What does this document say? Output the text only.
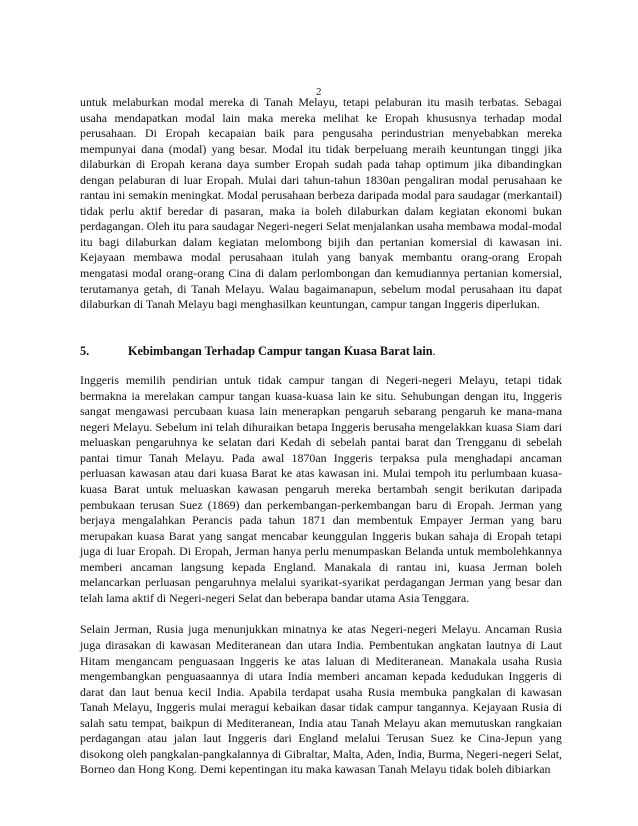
2

untuk melaburkan modal mereka di Tanah Melayu, tetapi pelaburan itu masih terbatas. Sebagai usaha mendapatkan modal lain maka mereka melihat ke Eropah khususnya terhadap modal perusahaan. Di Eropah kecapaian baik para pengusaha perindustrian menyebabkan mereka mempunyai dana (modal) yang besar. Modal itu tidak berpeluang meraih keuntungan tinggi jika dilaburkan di Eropah kerana daya sumber Eropah sudah pada tahap optimum jika dibandingkan dengan pelaburan di luar Eropah. Mulai dari tahun-tahun 1830an pengaliran modal perusahaan ke rantau ini semakin meningkat. Modal perusahaan berbeza daripada modal para saudagar (merkantail) tidak perlu aktif beredar di pasaran, maka ia boleh dilaburkan dalam kegiatan ekonomi bukan perdagangan. Oleh itu para saudagar Negeri-negeri Selat menjalankan usaha membawa modal-modal itu bagi dilaburkan dalam kegiatan melombong bijih dan pertanian komersial di kawasan ini. Kejayaan membawa modal perusahaan itulah yang banyak membantu orang-orang Eropah mengatasi modal orang-orang Cina di dalam perlombongan dan kemudiannya pertanian komersial, terutamanya getah, di Tanah Melayu. Walau bagaimanapun, sebelum modal perusahaan itu dapat dilaburkan di Tanah Melayu bagi menghasilkan keuntungan, campur tangan Inggeris diperlukan.

5.	Kebimbangan Terhadap Campur tangan Kuasa Barat lain.

Inggeris memilih pendirian untuk tidak campur tangan di Negeri-negeri Melayu, tetapi tidak bermakna ia merelakan campur tangan kuasa-kuasa lain ke situ. Sehubungan dengan itu, Inggeris sangat mengawasi percubaan kuasa lain menerapkan pengaruh sebarang pengaruh ke mana-mana negeri Melayu. Sebelum ini telah dihuraikan betapa Inggeris berusaha mengelakkan kuasa Siam dari meluaskan pengaruhnya ke selatan dari Kedah di sebelah pantai barat dan Trengganu di sebelah pantai timur Tanah Melayu. Pada awal 1870an Inggeris terpaksa pula menghadapi ancaman perluasan kawasan atau dari kuasa Barat ke atas kawasan ini. Mulai tempoh itu perlumbaan kuasa-kuasa Barat untuk meluaskan kawasan pengaruh mereka bertambah sengit berikutan daripada pembukaan terusan Suez (1869) dan perkembangan-perkembangan baru di Eropah. Jerman yang berjaya mengalahkan Perancis pada tahun 1871 dan membentuk Empayer Jerman yang baru merupakan kuasa Barat yang sangat mencabar keunggulan Inggeris bukan sahaja di Eropah tetapi juga di luar Eropah. Di Eropah, Jerman hanya perlu menumpaskan Belanda untuk membolehkannya memberi ancaman langsung kepada England. Manakala di rantau ini, kuasa Jerman boleh melancarkan perluasan pengaruhnya melalui syarikat-syarikat perdagangan Jerman yang besar dan telah lama aktif di Negeri-negeri Selat dan beberapa bandar utama Asia Tenggara.

Selain Jerman, Rusia juga menunjukkan minatnya ke atas Negeri-negeri Melayu. Ancaman Rusia juga dirasakan di kawasan Mediteranean dan utara India. Pembentukan angkatan lautnya di Laut Hitam mengancam penguasaan Inggeris ke atas laluan di Mediteranean. Manakala usaha Rusia mengembangkan penguasaannya di utara India memberi ancaman kepada kedudukan Inggeris di darat dan laut benua kecil India. Apabila terdapat usaha Rusia membuka pangkalan di kawasan Tanah Melayu, Inggeris mulai meragui kebaikan dasar tidak campur tangannya. Kejayaan Rusia di salah satu tempat, baikpun di Mediteranean, India atau Tanah Melayu akan memutuskan rangkaian perdagangan atau jalan laut Inggeris dari England melalui Terusan Suez ke Cina-Jepun yang disokong oleh pangkalan-pangkalannya di Gibraltar, Malta, Aden, India, Burma, Negeri-negeri Selat, Borneo dan Hong Kong. Demi kepentingan itu maka kawasan Tanah Melayu tidak boleh dibiarkan
